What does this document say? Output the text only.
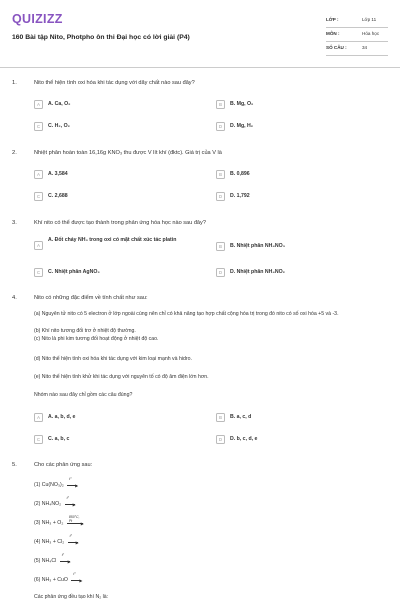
QUIZIZZ
160 Bài tập Nito, Photpho ôn thi Đại học có lời giải (P4)
LỚP :	Lớp 11
MÔN :	Hóa học
SỐ CÂU :	34
1.	Nito thể hiện tính oxi hóa khi tác dụng với dãy chất nào sau đây?
A	A. Ca, O₂	B	B. Mg, O₂
C	C. H₂, O₂	D	D. Mg, H₂
2.	Nhiệt phân hoàn toàn 16,16g KNO₃ thu được V lít khí (đktc). Giá trị của V là
A	A. 3,584	B	B. 0,896
C	C. 2,688	D	D. 1,792
3.	Khí nito có thể được tạo thành trong phản ứng hóa học nào sau đây?
A
A. Đốt cháy NH₃ trong oxi có mặt chất xúc tác platin
B	B. Nhiệt phân NH₄NO₃
C	C. Nhiệt phân AgNO₃	D	D. Nhiệt phân NH₄NO₂
4.	Nito có những đặc điểm về tính chất như sau:
(a) Nguyên tử nito có 5 electron ở lớp ngoài cùng nên chỉ có khả năng tạo hợp chất cộng hóa trị trong đó nito có số oxi hóa +5 và -3.
(b) Khí nito tương đối trơ ở nhiệt độ thường.
(c) Nito là phi kim tương đối hoạt động ở nhiệt độ cao.
(d) Nito thể hiện tính oxi hóa khi tác dụng với kim loại mạnh và hidro.
(e) Nito thể hiện tính khử khi tác dụng với nguyên tố có độ âm điện lớn hơn.
Nhóm nào sau đây chỉ gồm các câu đúng?
A	A. a, b, d, e	B	B. a, c, d
C	C. a, b, c	D	D. b, c, d, e
5.	Cho các phản ứng sau:
(1) Cu(NO₃)₂
t°
▶
(2) NH₄NO₂
t°
▶
(3) NH₃ + O₂
850°C, Pt	▶
(4) NH₃ + Cl₂
t°
▶
(5) NH₄Cl
t°
▶
(6) NH₃ + CuO
t°
▶
Các phản ứng đều tạo khí N₂ là:
